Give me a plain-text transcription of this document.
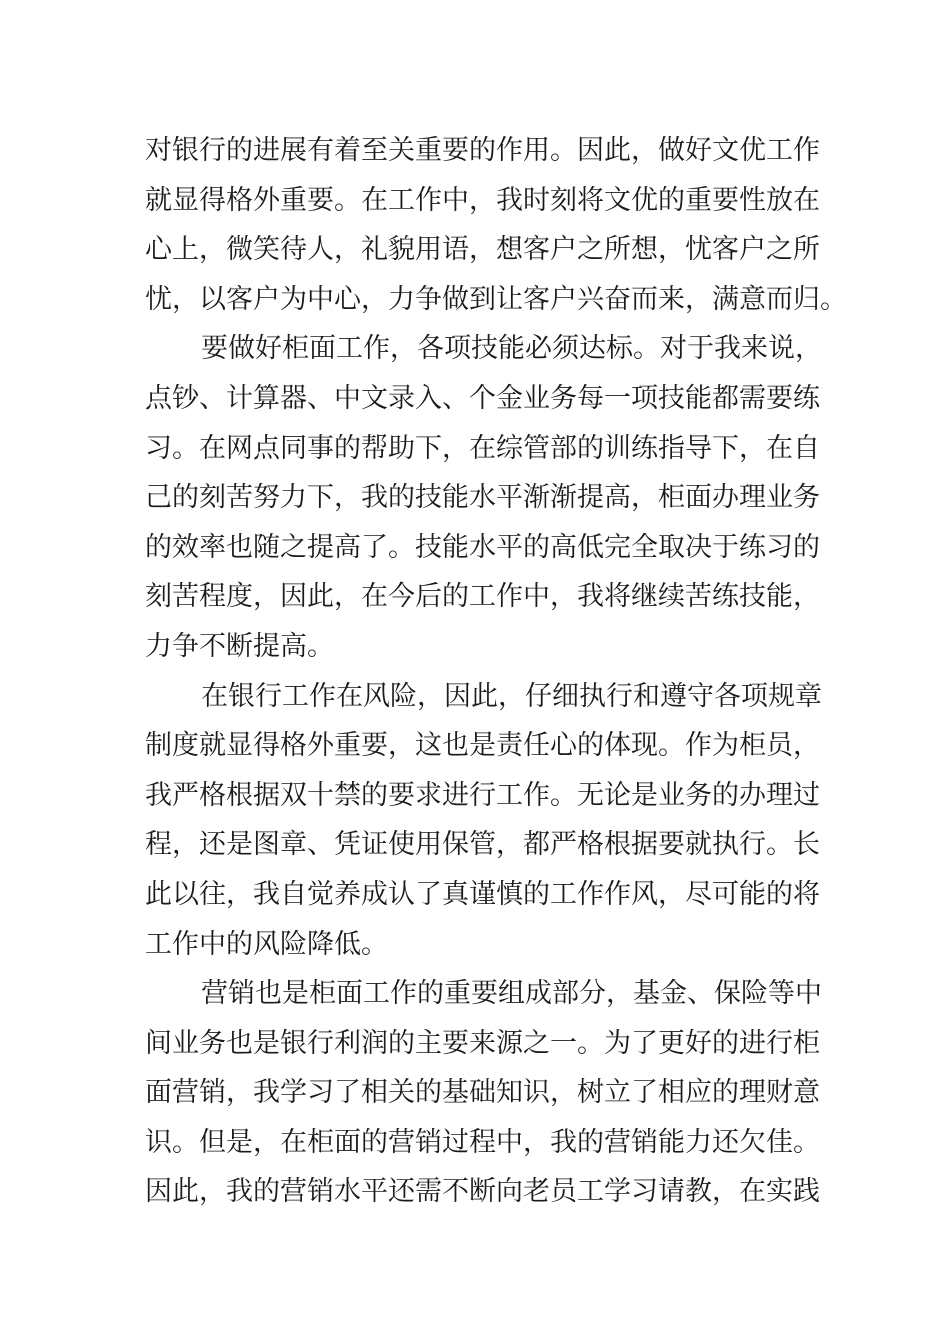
对银行的进展有着至关重要的作用。因此，做好文优工作
就显得格外重要。在工作中，我时刻将文优的重要性放在
心上，微笑待人，礼貌用语，想客户之所想，忧客户之所
忧，以客户为中心，力争做到让客户兴奋而来，满意而归。
要做好柜面工作，各项技能必须达标。对于我来说，
点钞、计算器、中文录入、个金业务每一项技能都需要练
习。在网点同事的帮助下，在综管部的训练指导下，在自
己的刻苦努力下，我的技能水平渐渐提高，柜面办理业务
的效率也随之提高了。技能水平的高低完全取决于练习的
刻苦程度，因此，在今后的工作中，我将继续苦练技能，
力争不断提高。
在银行工作在风险，因此，仔细执行和遵守各项规章
制度就显得格外重要，这也是责任心的体现。作为柜员，
我严格根据双十禁的要求进行工作。无论是业务的办理过
程，还是图章、凭证使用保管，都严格根据要就执行。长
此以往，我自觉养成认了真谨慎的工作作风，尽可能的将
工作中的风险降低。
营销也是柜面工作的重要组成部分，基金、保险等中
间业务也是银行利润的主要来源之一。为了更好的进行柜
面营销，我学习了相关的基础知识，树立了相应的理财意
识。但是，在柜面的营销过程中，我的营销能力还欠佳。
因此，我的营销水平还需不断向老员工学习请教，在实践
